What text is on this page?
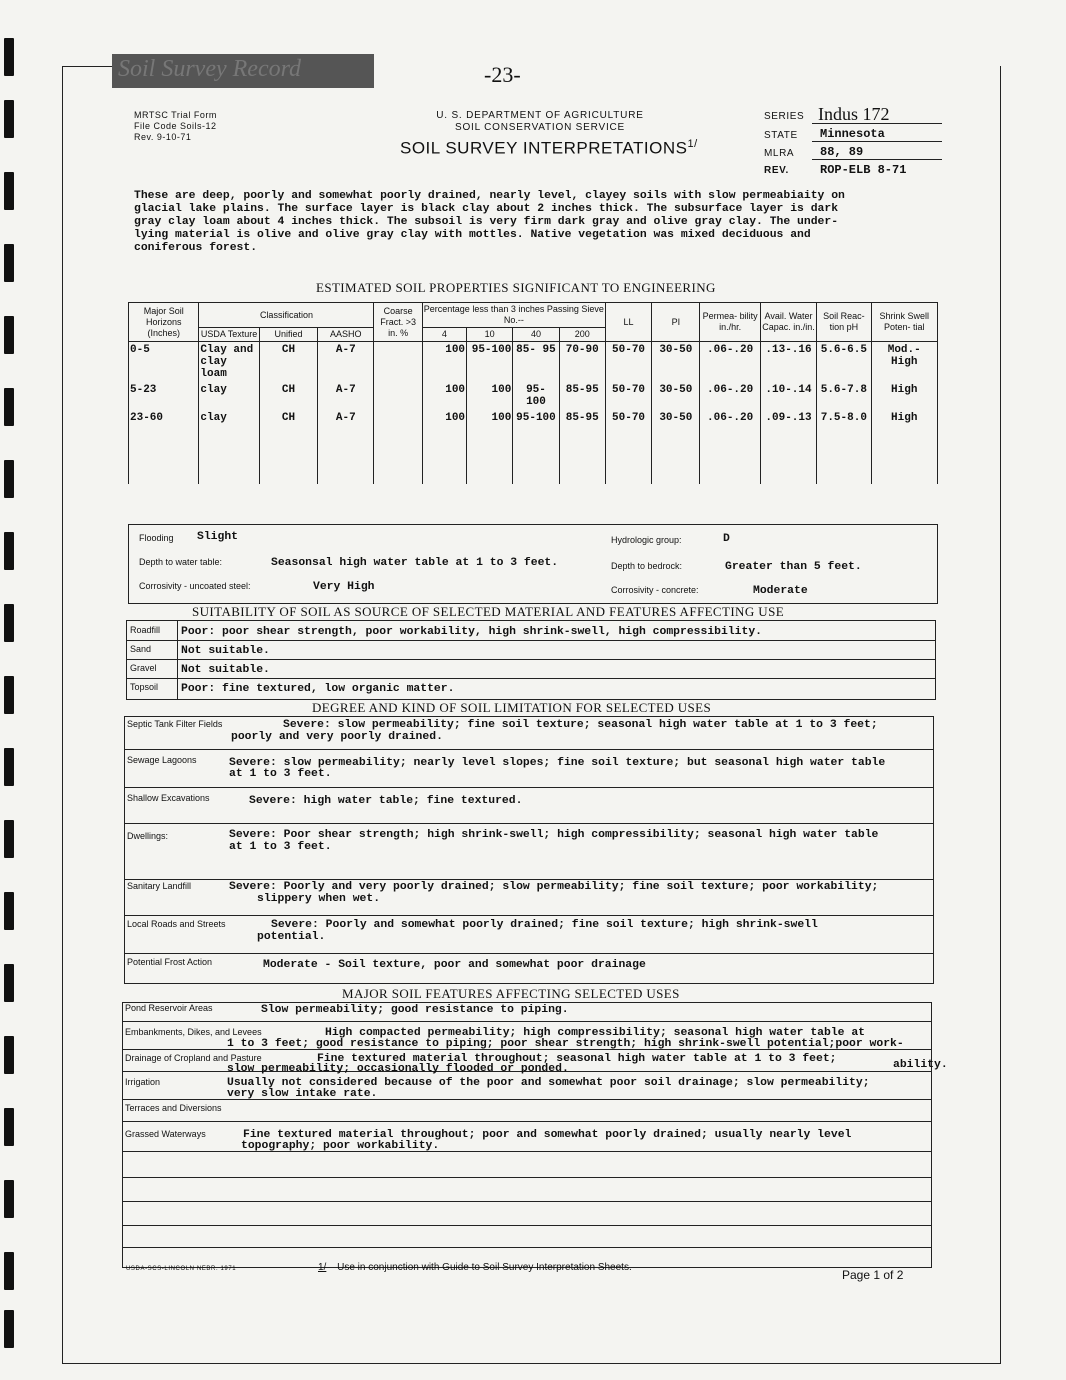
Soil Survey Record	-23-
MRTSC Trial Form
File Code Soils-12
Rev. 9-10-71
U. S. DEPARTMENT OF AGRICULTURE
SOIL CONSERVATION SERVICE
SOIL SURVEY $INTERPRETATIONS^{1/}$
SERIES Indus 172
STATE Minnesota
MLRA 88, 89
REV.	ROP-ELB 8-71
These are deep, poorly and somewhat poorly drained, nearly level, clayey soils with slow permeabiaity on
glacial lake plains. The surface layer is black clay about 2 inches thick. The subsurface layer is dark
gray clay loam about 4 inches thick. The subsoil is very firm dark gray and olive gray clay. The under-
lying material is olive and olive gray clay with mottles. Native vegetation was mixed deciduous and
coniferous forest.
ESTIMATED SOIL PROPERTIES SIGNIFICANT TO ENGINEERING
Major Soil Horizons (Inches)	Classification			Coarse Fract. >3 in. %	Percentage less than 3 inches Passing Sieve No.--				LL	PI	Permea- bility in./hr.	Avail. Water Capac. in./in.	Soil Reac- tion pH	Shrink Swell Poten- tial
	USDA Texture	Unified	AASHO		4	10	40	200						
0-5	Clay and clay loam	CH	A-7		100	95-100	85- 95	70-90	50-70	30-50	.06-.20	.13-.16	5.6-6.5	Mod.- High
5-23	clay	CH	A-7		100	100	95- 100	85-95	50-70	30-50	.06-.20	.10-.14	5.6-7.8	High
23-60	clay	CH	A-7		100	100	95-100	85-95	50-70	30-50	.06-.20	.09-.13	7.5-8.0	High
Flooding Slight	Hydrologic group:	D
Depth to water table:	Seasonsal high water table at 1 to 3 feet.	Depth to bedrock:	Greater than 5 feet.
Corrosivity - uncoated steel:	Very High	Corrosivity - concrete:	Moderate
SUITABILITY OF SOIL AS SOURCE OF SELECTED MATERIAL AND FEATURES AFFECTING USE
Roadfill Poor: poor shear strength, poor workability, high shrink-swell, high compressibility.
Sand	Not suitable.
Gravel Not suitable.
Topsoil Poor: fine textured, low organic matter.
DEGREE AND KIND OF SOIL LIMITATION FOR SELECTED USES
Septic Tank Filter Fields	Severe: slow permeability; fine soil texture; seasonal high water table at 1 to 3 feet;
poorly and very poorly drained.
Sewage Lagoons	Severe: slow permeability; nearly level slopes; fine soil texture; but seasonal high water table
at 1 to 3 feet.
Shallow Excavations	Severe: high water table; fine textured.
Dwellings:	Severe: Poor shear strength; high shrink-swell; high compressibility; seasonal high water table
at 1 to 3 feet.
Sanitary Landfill	Severe: Poorly and very poorly drained; slow permeability; fine soil texture; poor workability;
slippery when wet.
Local Roads and Streets	Severe: Poorly and somewhat poorly drained; fine soil texture; high shrink-swell
potential.
Potential Frost Action	Moderate - Soil texture, poor and somewhat poor drainage
MAJOR SOIL FEATURES AFFECTING SELECTED USES
Pond Reservoir Areas	Slow permeability; good resistance to piping.
Embankments, Dikes, and Levees	High compacted permeability; high compressibility; seasonal high water table at
1 to 3 feet; good resistance to piping; poor shear strength; high shrink-swell potential;poor work-
Drainage of Cropland and Pasture	Fine textured material throughout; seasonal high water table at 1 to 3 feet;
slow permeability; occasionally flooded or ponded.	ability.
Irrigation	Usually not considered because of the poor and somewhat poor soil drainage; slow permeability;
very slow intake rate.
Terraces and Diversions
Grassed Waterways	Fine textured material throughout; poor and somewhat poorly drained; usually nearly level
topography; poor workability.
USDA-SCS-LINCOLN NEBR. 1971	1/ Use in conjunction with Guide to Soil Survey Interpretation Sheets.
Page 1 of 2
